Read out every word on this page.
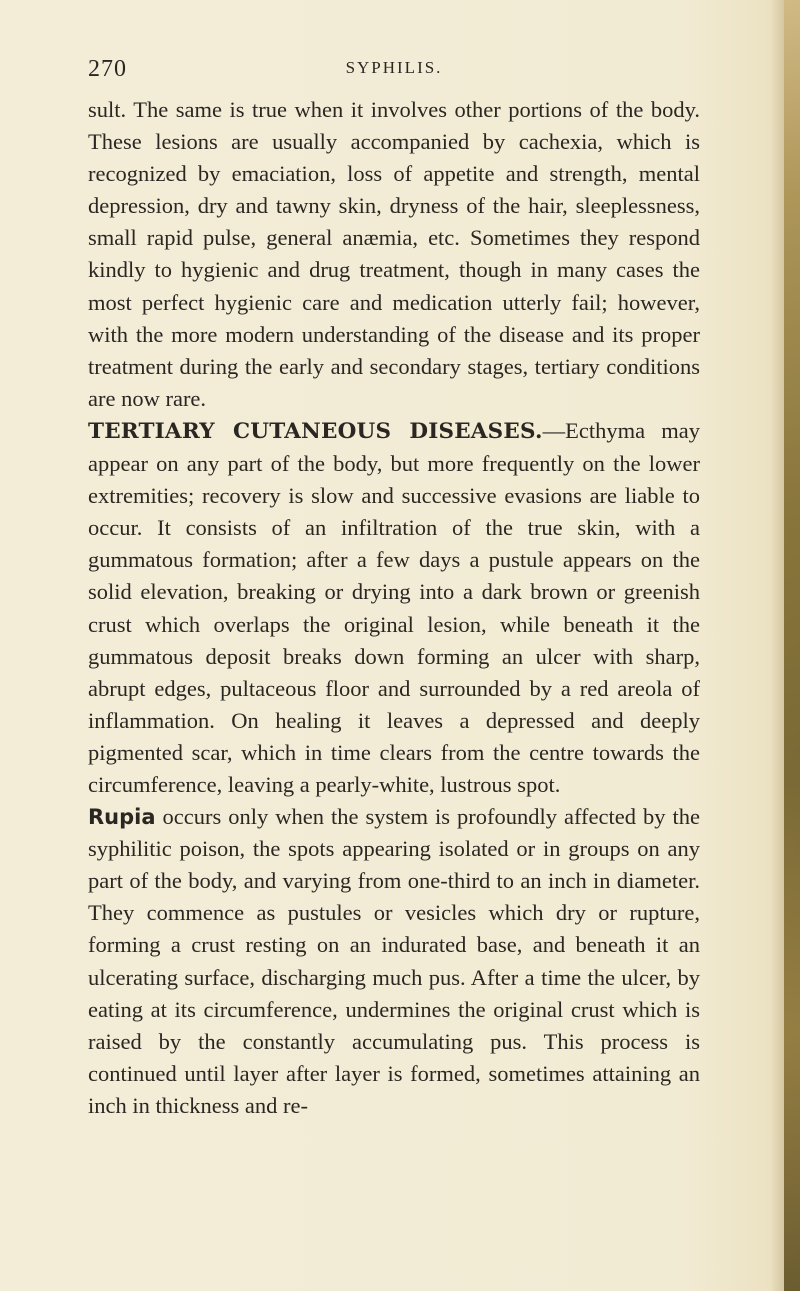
270	SYPHILIS.

sult. The same is true when it involves other portions of the body. These lesions are usually accompanied by cachexia, which is recognized by emaciation, loss of appetite and strength, mental depression, dry and tawny skin, dryness of the hair, sleeplessness, small rapid pulse, general anæmia, etc. Sometimes they respond kindly to hygienic and drug treatment, though in many cases the most perfect hygienic care and medication utterly fail; however, with the more modern understanding of the disease and its proper treatment during the early and secondary stages, tertiary conditions are now rare.

TERTIARY CUTANEOUS DISEASES.—Ecthyma may appear on any part of the body, but more frequently on the lower extremities; recovery is slow and successive evasions are liable to occur. It consists of an infiltration of the true skin, with a gummatous formation; after a few days a pustule appears on the solid elevation, breaking or drying into a dark brown or greenish crust which overlaps the original lesion, while beneath it the gummatous deposit breaks down forming an ulcer with sharp, abrupt edges, pultaceous floor and surrounded by a red areola of inflammation. On healing it leaves a depressed and deeply pigmented scar, which in time clears from the centre towards the circumference, leaving a pearly-white, lustrous spot.

Rupia occurs only when the system is profoundly affected by the syphilitic poison, the spots appearing isolated or in groups on any part of the body, and varying from one-third to an inch in diameter. They commence as pustules or vesicles which dry or rupture, forming a crust resting on an indurated base, and beneath it an ulcerating surface, discharging much pus. After a time the ulcer, by eating at its circumference, undermines the original crust which is raised by the constantly accumulating pus. This process is continued until layer after layer is formed, sometimes attaining an inch in thickness and re-
